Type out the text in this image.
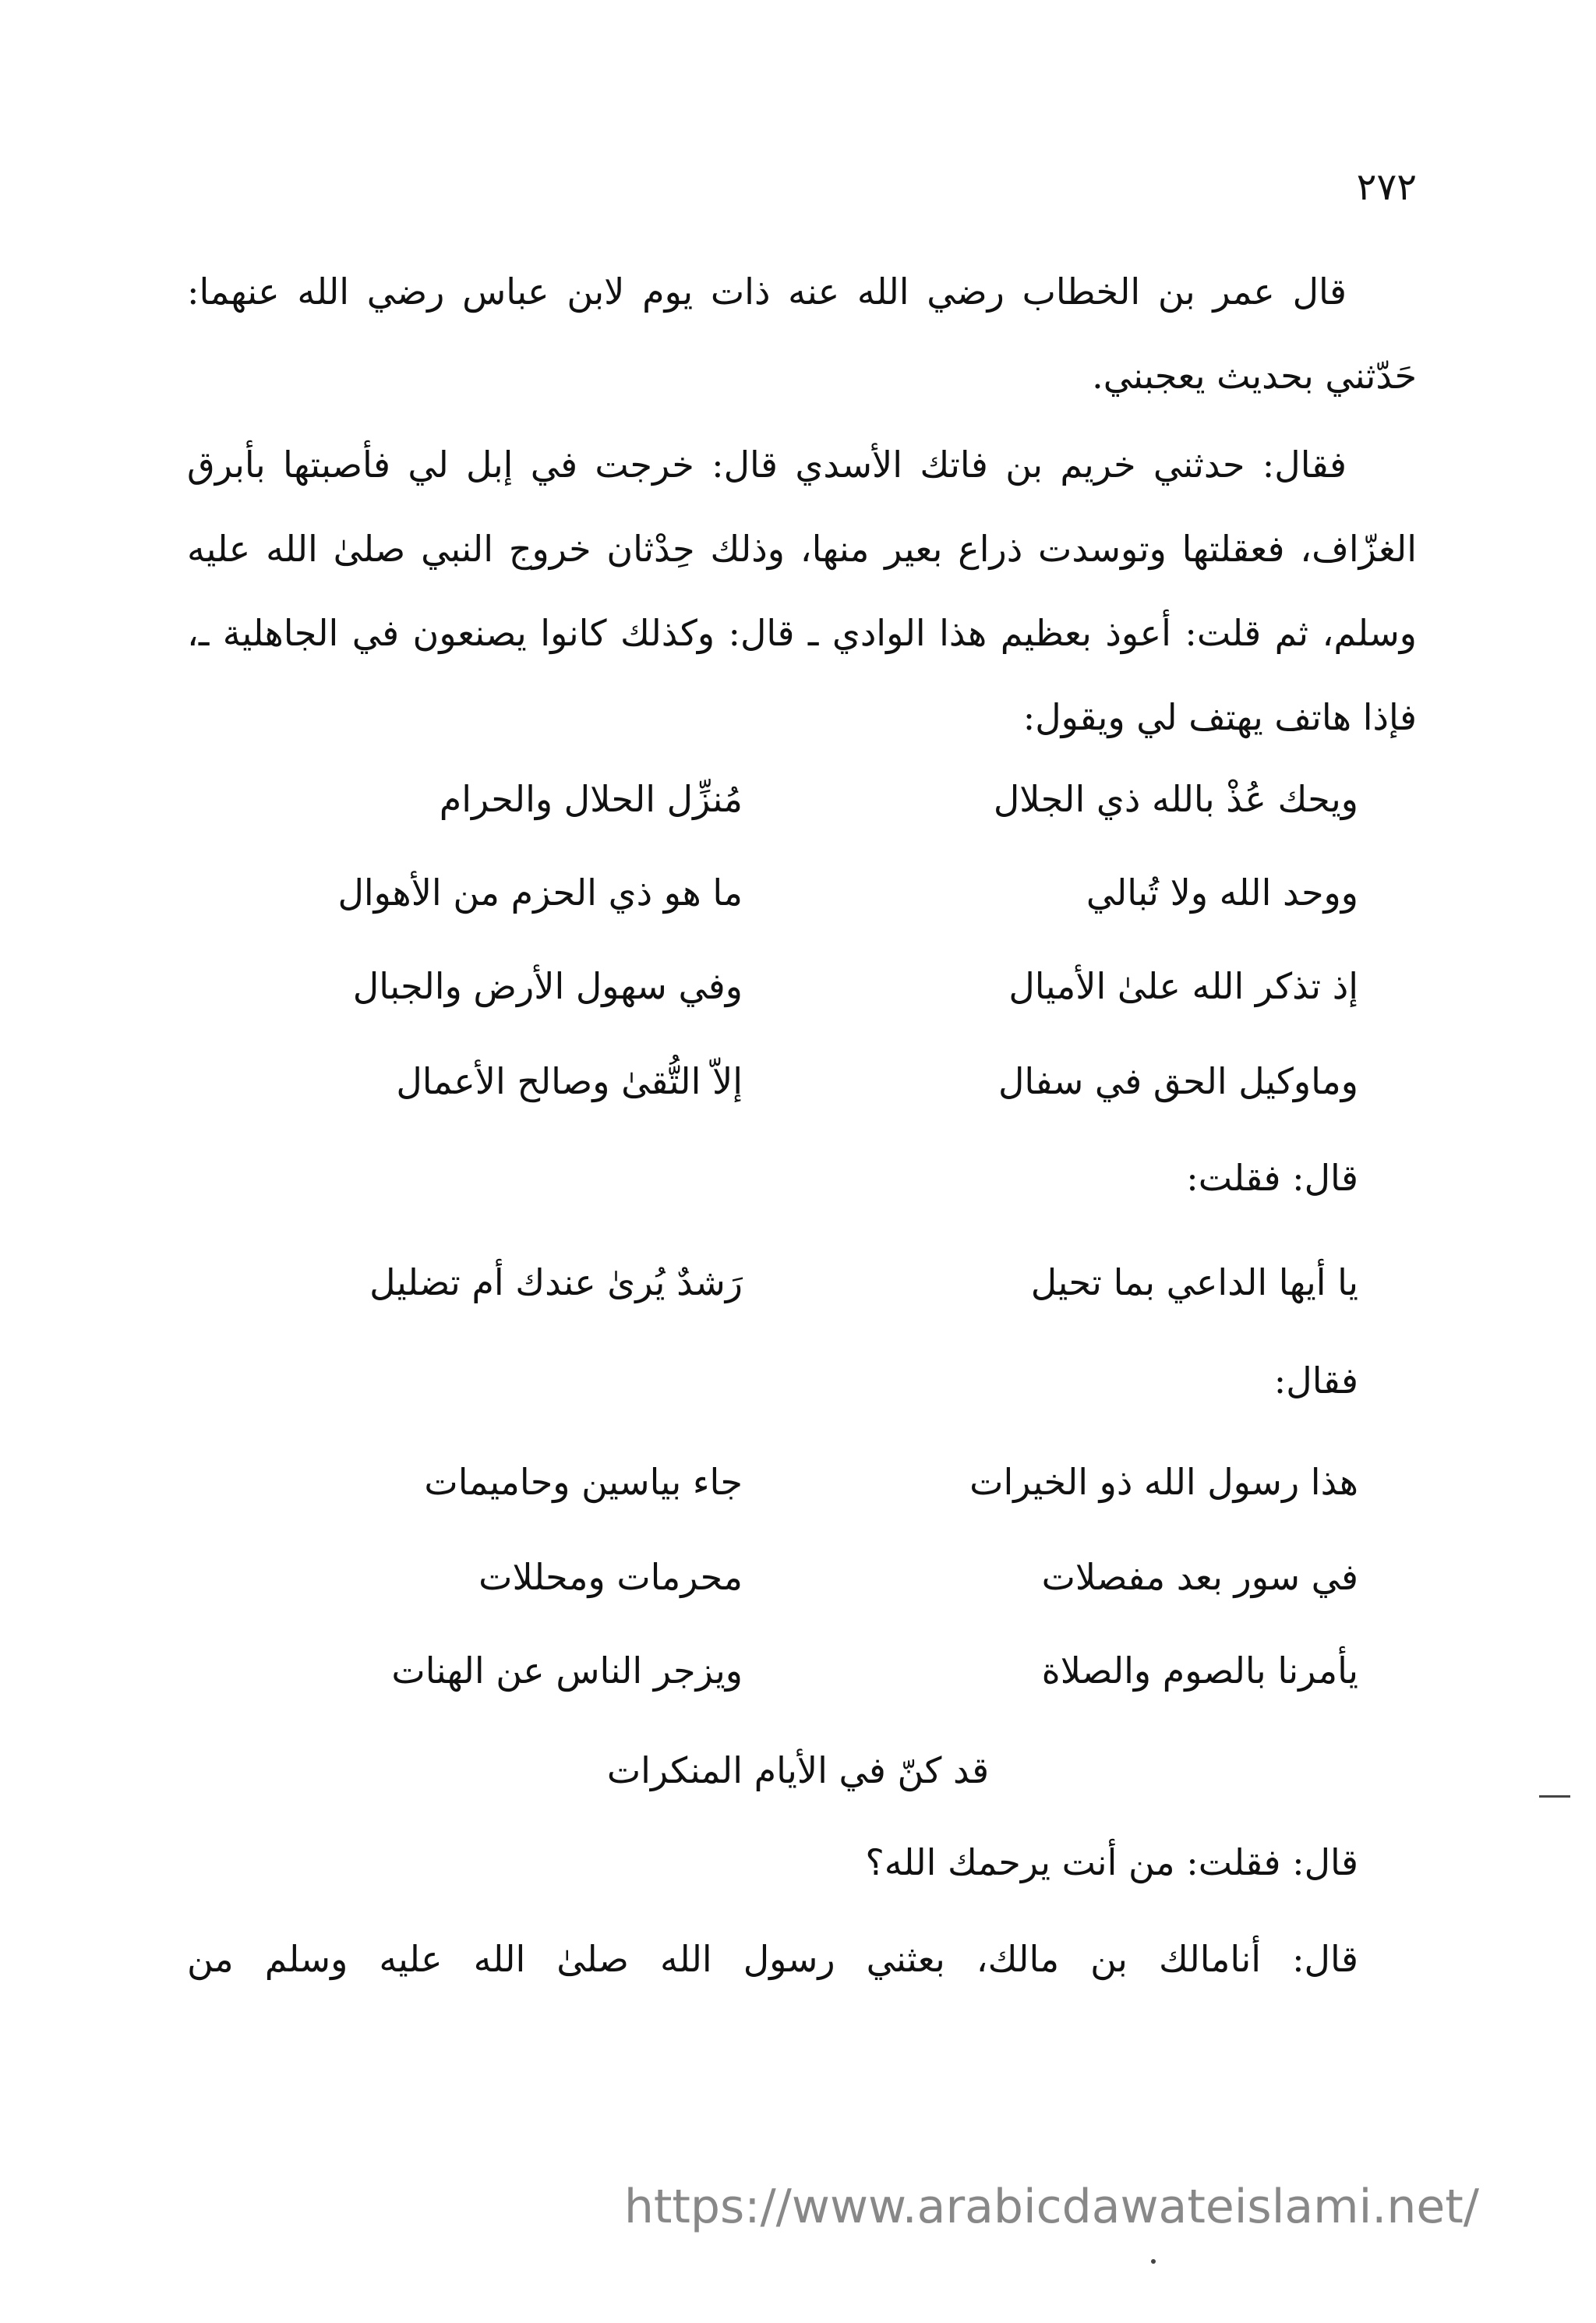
٢٧٢

قال عمر بن الخطاب رضي الله عنه ذات يوم لابن عباس رضي الله عنهما: حَدّثني بحديث يعجبني.

فقال: حدثني خريم بن فاتك الأسدي قال: خرجت في إبل لي فأصبتها بأبرق الغزّاف، فعقلتها وتوسدت ذراع بعير منها، وذلك حِدْثان خروج النبي صلىٰ الله عليه وسلم، ثم قلت: أعوذ بعظيم هذا الوادي ـ قال: وكذلك كانوا يصنعون في الجاهلية ـ، فإذا هاتف يهتف لي ويقول:

ويحك عُذْ بالله ذي الجلال
مُنزِّل الحلال والحرام
ووحد الله ولا تُبالي
ما هو ذي الحزم من الأهوال
إذ تذكر الله علىٰ الأميال
وفي سهول الأرض والجبال
وماوكيل الحق في سفال
إلاّ التُّقىٰ وصالح الأعمال
قال: فقلت:
يا أيها الداعي بما تحيل
رَشدٌ يُرىٰ عندك أم تضليل
فقال:
هذا رسول الله ذو الخيرات
جاء بياسين وحاميمات
في سور بعد مفصلات
محرمات ومحللات
يأمرنا بالصوم والصلاة
ويزجر الناس عن الهنات
قد كنّ في الأيام المنكرات
قال: فقلت: من أنت يرحمك الله؟
قال: أنامالك بن مالك، بعثني رسول الله صلىٰ الله عليه وسلم من
https://www.arabicdawateislami.net/
